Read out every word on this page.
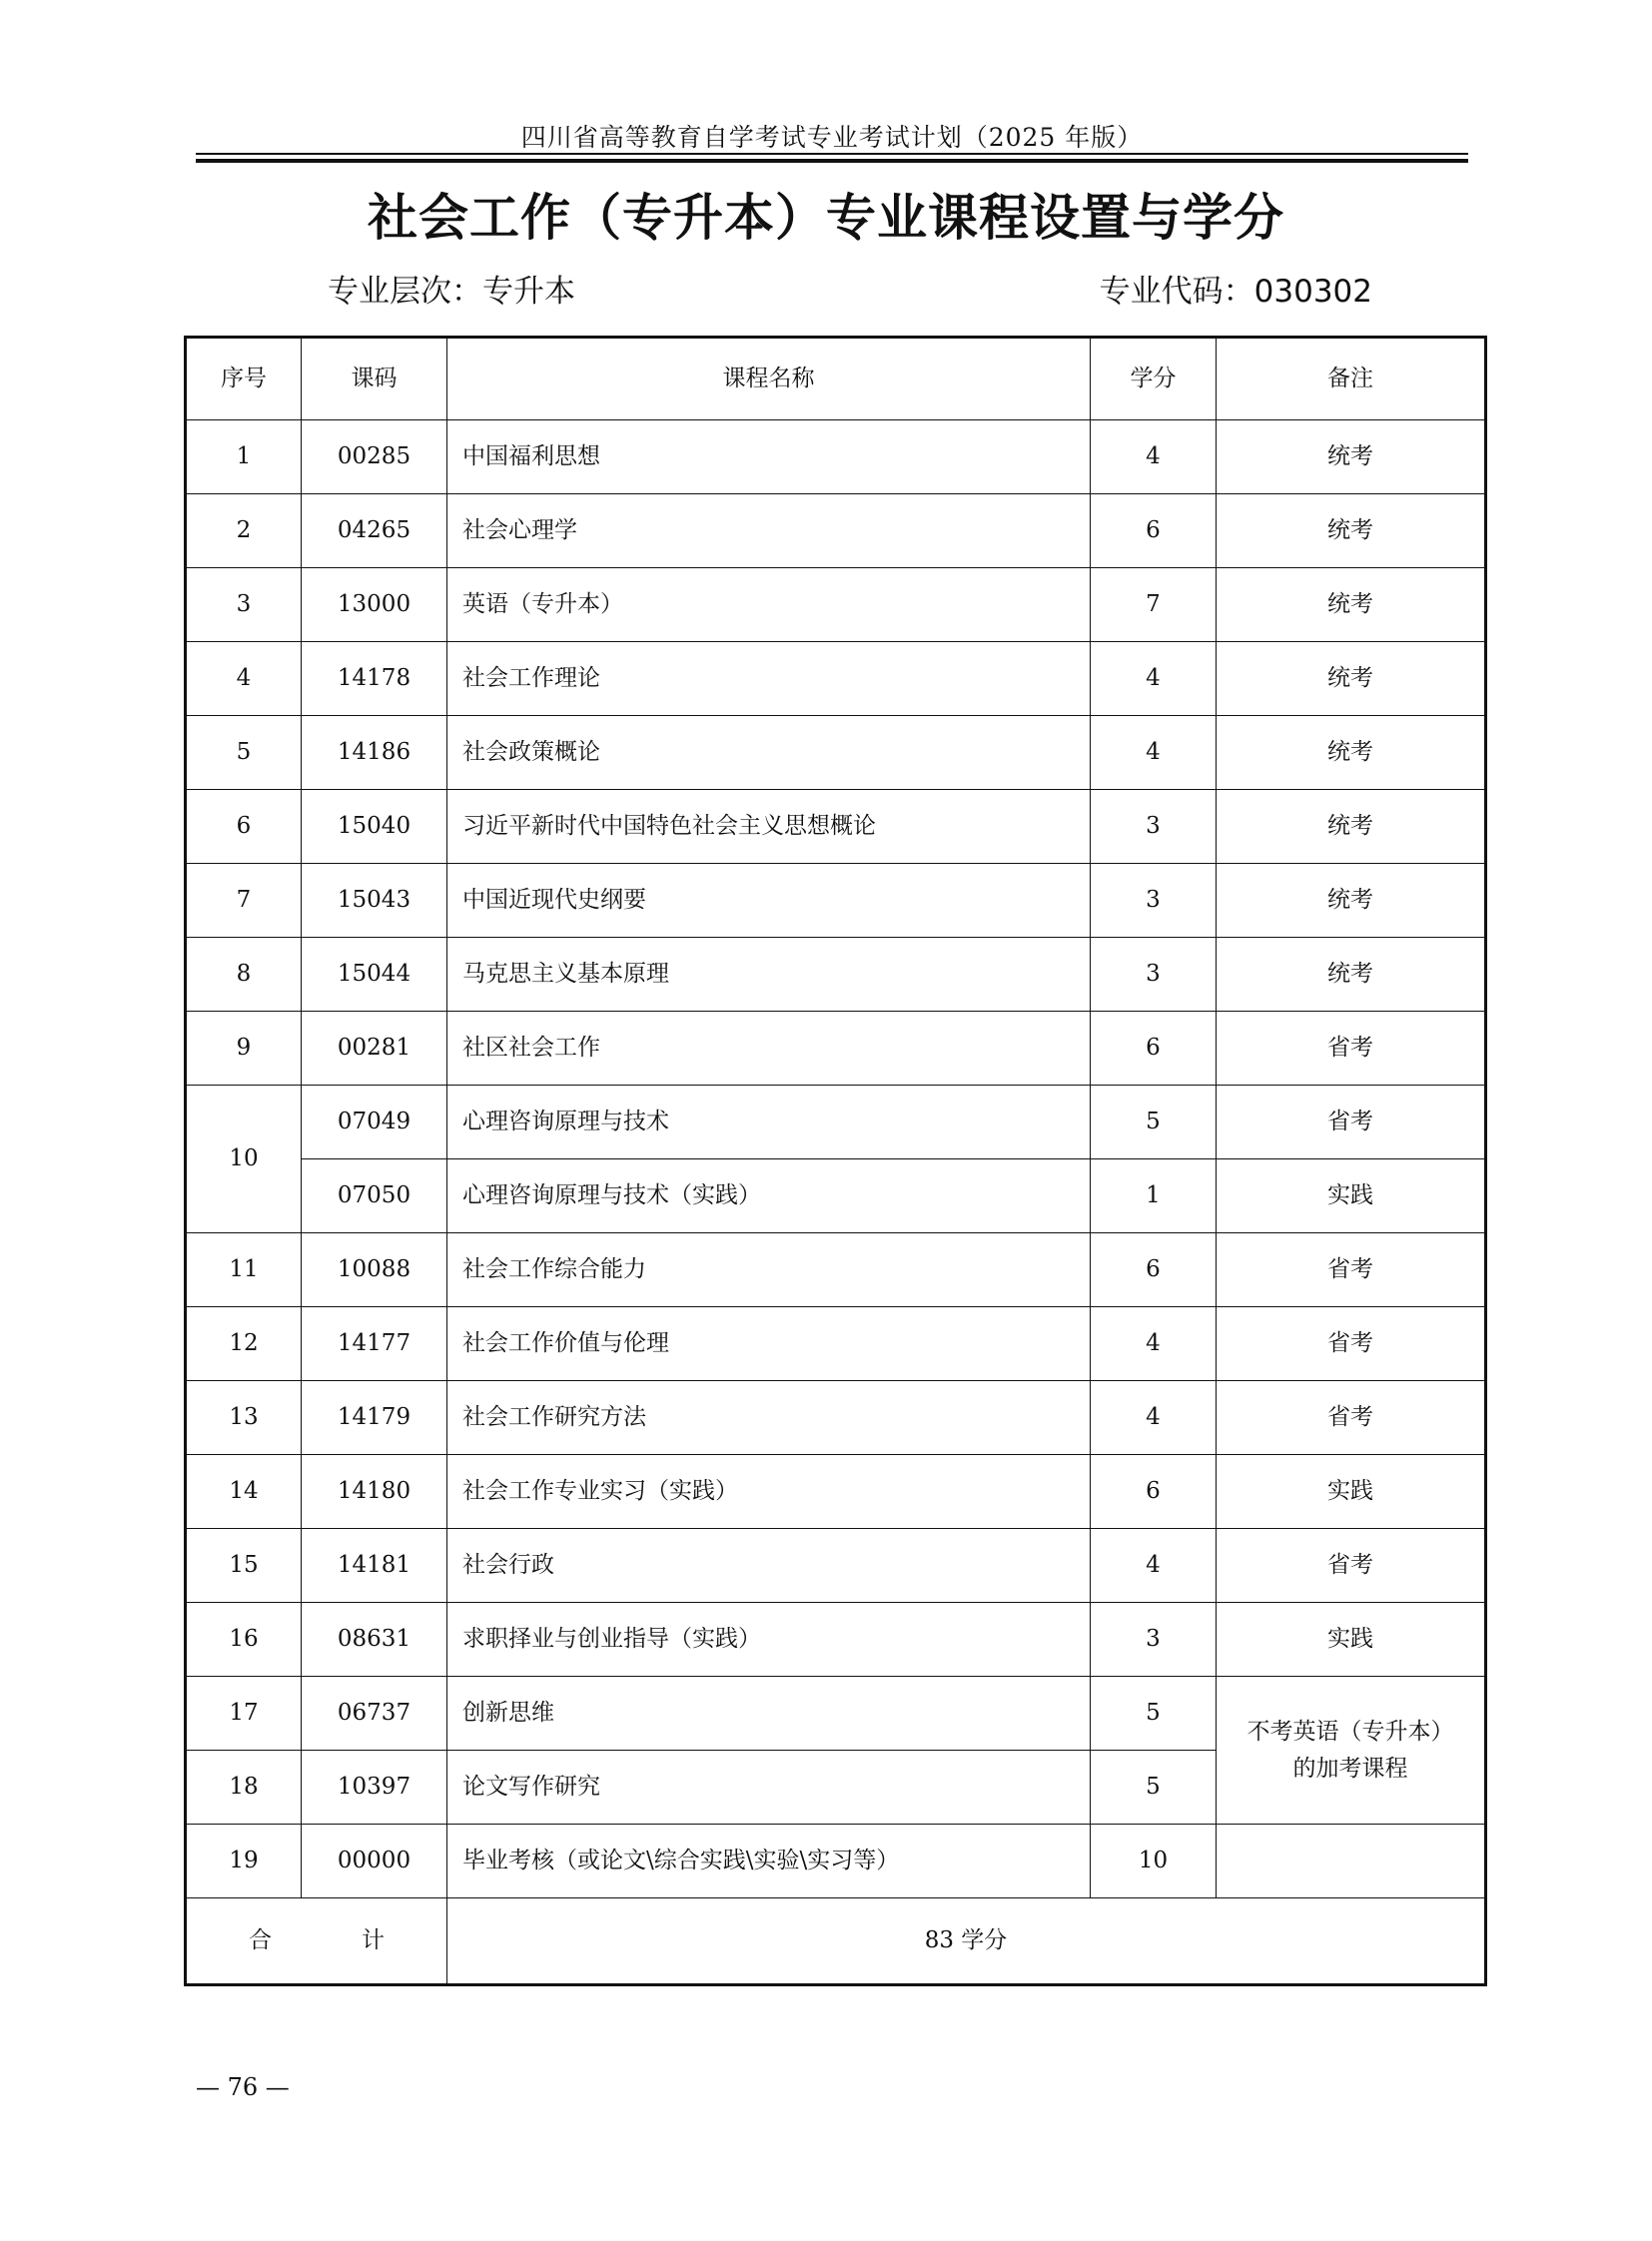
四川省高等教育自学考试专业考试计划（2025 年版）
社会工作（专升本）专业课程设置与学分
专业层次：专升本	专业代码：030302
序号	课码	课程名称	学分	备注
1	00285	中国福利思想	4	统考
2	04265	社会心理学	6	统考
3	13000	英语（专升本）	7	统考
4	14178	社会工作理论	4	统考
5	14186	社会政策概论	4	统考
6	15040	习近平新时代中国特色社会主义思想概论	3	统考
7	15043	中国近现代史纲要	3	统考
8	15044	马克思主义基本原理	3	统考
9	00281	社区社会工作	6	省考
10	07049	心理咨询原理与技术	5	省考
	07050	心理咨询原理与技术（实践）	1	实践
11	10088	社会工作综合能力	6	省考
12	14177	社会工作价值与伦理	4	省考
13	14179	社会工作研究方法	4	省考
14	14180	社会工作专业实习（实践）	6	实践
15	14181	社会行政	4	省考
16	08631	求职择业与创业指导（实践）	3	实践
17	06737	创新思维	5	不考英语（专升本）
的加考课程

18	10397	论文写作研究	5	
19	00000	毕业考核（或论文\综合实践\实验\实习等）	10	
合 计		83 学分		
— 76 —
